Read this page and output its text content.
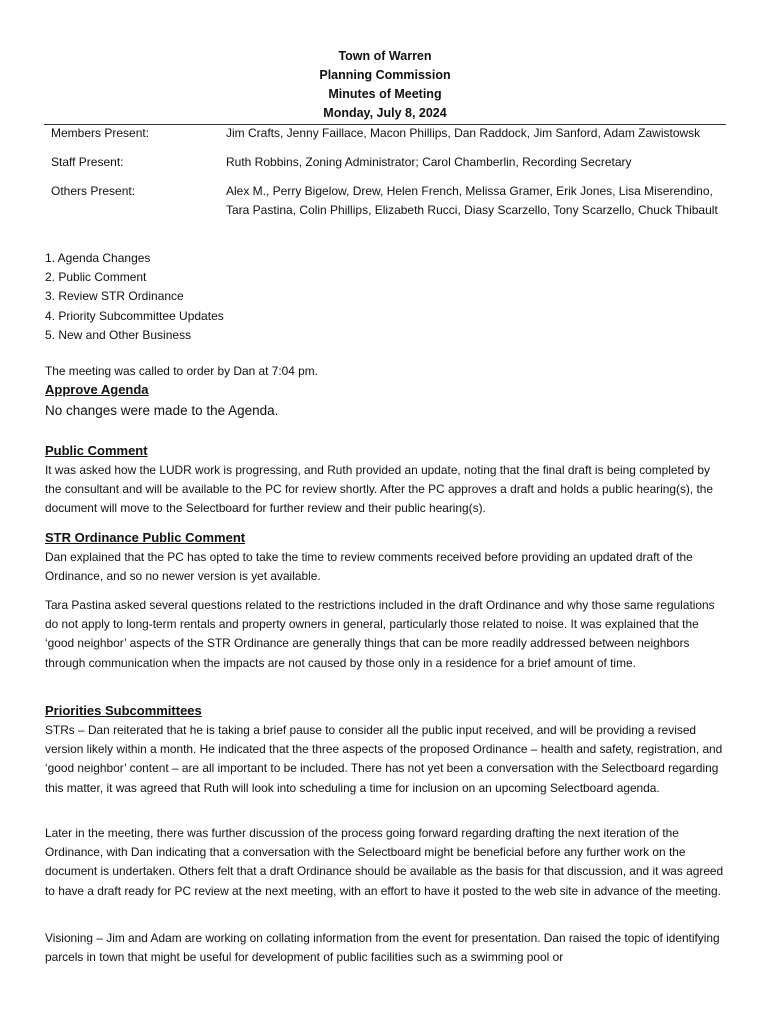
Town of Warren
Planning Commission
Minutes of Meeting
Monday, July 8, 2024
Members Present:	Jim Crafts, Jenny Faillace, Macon Phillips, Dan Raddock, Jim Sanford, Adam Zawistowsk
Staff Present:	Ruth Robbins, Zoning Administrator; Carol Chamberlin, Recording Secretary
Others Present:	Alex M., Perry Bigelow, Drew, Helen French, Melissa Gramer, Erik Jones, Lisa Miserendino, Tara Pastina, Colin Phillips, Elizabeth Rucci, Diasy Scarzello, Tony Scarzello, Chuck Thibault
1. Agenda Changes
2. Public Comment
3. Review STR Ordinance
4. Priority Subcommittee Updates
5. New and Other Business
The meeting was called to order by Dan at 7:04 pm.
Approve Agenda
No changes were made to the Agenda.
Public Comment
It was asked how the LUDR work is progressing, and Ruth provided an update, noting that the final draft is being completed by the consultant and will be available to the PC for review shortly. After the PC approves a draft and holds a public hearing(s), the document will move to the Selectboard for further review and their public hearing(s).
STR Ordinance Public Comment
Dan explained that the PC has opted to take the time to review comments received before providing an updated draft of the Ordinance, and so no newer version is yet available.
Tara Pastina asked several questions related to the restrictions included in the draft Ordinance and why those same regulations do not apply to long-term rentals and property owners in general, particularly those related to noise. It was explained that the ‘good neighbor’ aspects of the STR Ordinance are generally things that can be more readily addressed between neighbors through communication when the impacts are not caused by those only in a residence for a brief amount of time.
Priorities Subcommittees
STRs – Dan reiterated that he is taking a brief pause to consider all the public input received, and will be providing a revised version likely within a month. He indicated that the three aspects of the proposed Ordinance – health and safety, registration, and ‘good neighbor’ content – are all important to be included. There has not yet been a conversation with the Selectboard regarding this matter, it was agreed that Ruth will look into scheduling a time for inclusion on an upcoming Selectboard agenda.
Later in the meeting, there was further discussion of the process going forward regarding drafting the next iteration of the Ordinance, with Dan indicating that a conversation with the Selectboard might be beneficial before any further work on the document is undertaken. Others felt that a draft Ordinance should be available as the basis for that discussion, and it was agreed to have a draft ready for PC review at the next meeting, with an effort to have it posted to the web site in advance of the meeting.
Visioning – Jim and Adam are working on collating information from the event for presentation. Dan raised the topic of identifying parcels in town that might be useful for development of public facilities such as a swimming pool or
